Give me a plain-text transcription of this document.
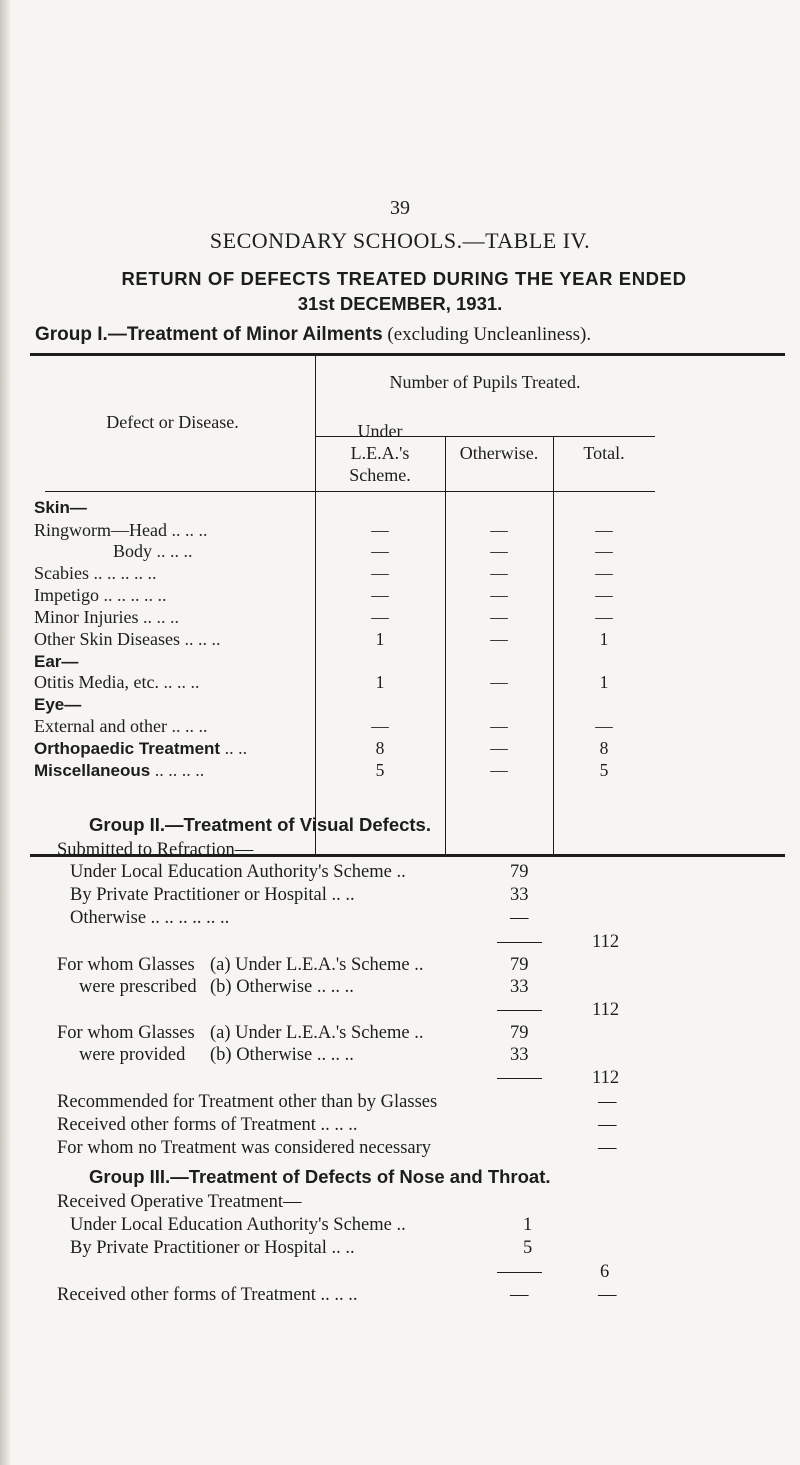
39
SECONDARY SCHOOLS.—TABLE IV.
RETURN OF DEFECTS TREATED DURING THE YEAR ENDED
31st DECEMBER, 1931.
Group I.—Treatment of Minor Ailments (excluding Uncleanliness).
Defect or Disease.
Number of Pupils Treated.
Under
L.E.A.'s
Scheme.
Otherwise.	Total.
Skin—
Ringworm—Head .. .. ..	—	—	—
Body .. .. ..	—	—	—
Scabies .. .. .. .. ..	—	—	—
Impetigo .. .. .. .. ..	—	—	—
Minor Injuries .. .. ..	—	—	—
Other Skin Diseases .. .. ..	1	—	1
Ear—
Otitis Media, etc. .. .. ..	1	—	1
Eye—
External and other .. .. ..	—	—	—
Orthopaedic Treatment .. ..	8	—	8
Miscellaneous .. .. .. ..	5	—	5
Group II.—Treatment of Visual Defects.
Submitted to Refraction—
Under Local Education Authority's Scheme ..	79
By Private Practitioner or Hospital .. ..	33
Otherwise .. .. .. .. .. ..	—
112
For whom Glasses
were prescribed
(a) Under L.E.A.'s Scheme ..	79
(b) Otherwise .. .. ..	33
112
For whom Glasses
were provided
(a) Under L.E.A.'s Scheme ..	79
(b) Otherwise .. .. ..	33
112
Recommended for Treatment other than by Glasses	—
Received other forms of Treatment .. .. ..	—
For whom no Treatment was considered necessary	—
Group III.—Treatment of Defects of Nose and Throat.
Received Operative Treatment—
Under Local Education Authority's Scheme ..	1
By Private Practitioner or Hospital .. ..	5
6
Received other forms of Treatment .. .. ..	—	—
